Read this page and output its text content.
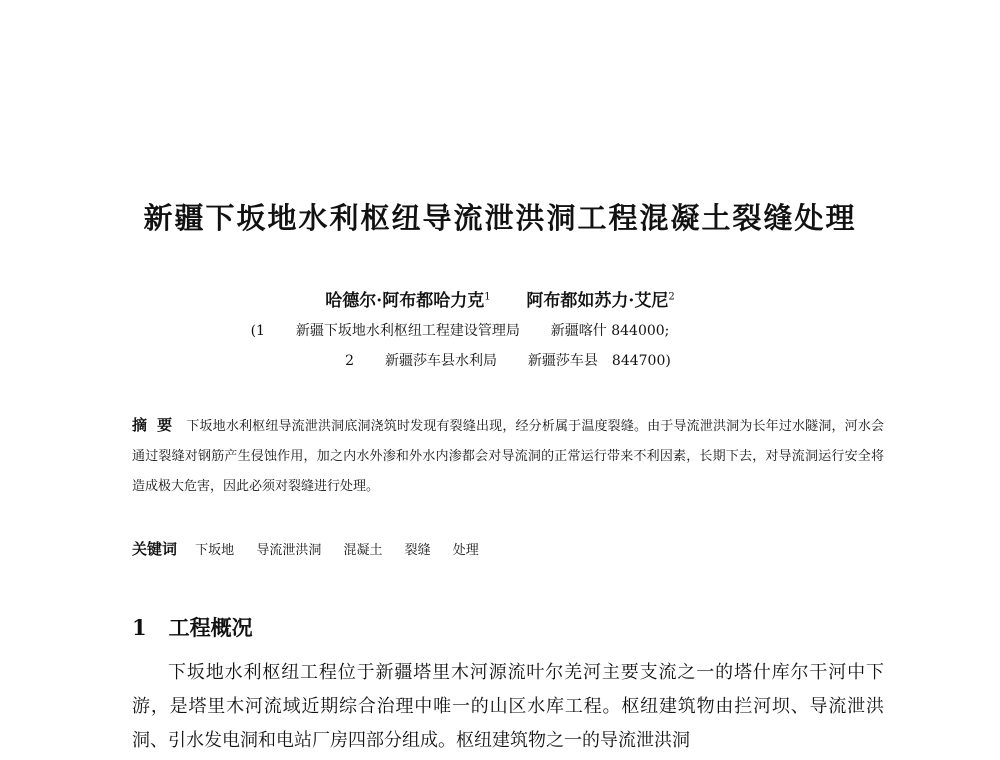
新疆下坂地水利枢纽导流泄洪洞工程混凝土裂缝处理
哈德尔·阿布都哈力克$^1$ 阿布都如苏力·艾尼$^2$
(1 新疆下坂地水利枢纽工程建设管理局 新疆喀什 844000;
2 新疆莎车县水利局 新疆莎车县　844700)
摘要 下坂地水利枢纽导流泄洪洞底洞浇筑时发现有裂缝出现，经分析属于温度裂缝。由于导流泄洪洞为长年过水隧洞，河水会通过裂缝对钢筋产生侵蚀作用，加之内水外渗和外水内渗都会对导流洞的正常运行带来不利因素，长期下去，对导流洞运行安全将造成极大危害，因此必须对裂缝进行处理。
关键词 下坂地 导流泄洪洞 混凝土 裂缝 处理
1 工程概况

下坂地水利枢纽工程位于新疆塔里木河源流叶尔羌河主要支流之一的塔什库尔干河中下游，是塔里木河流域近期综合治理中唯一的山区水库工程。枢纽建筑物由拦河坝、导流泄洪洞、引水发电洞和电站厂房四部分组成。枢纽建筑物之一的导流泄洪洞
